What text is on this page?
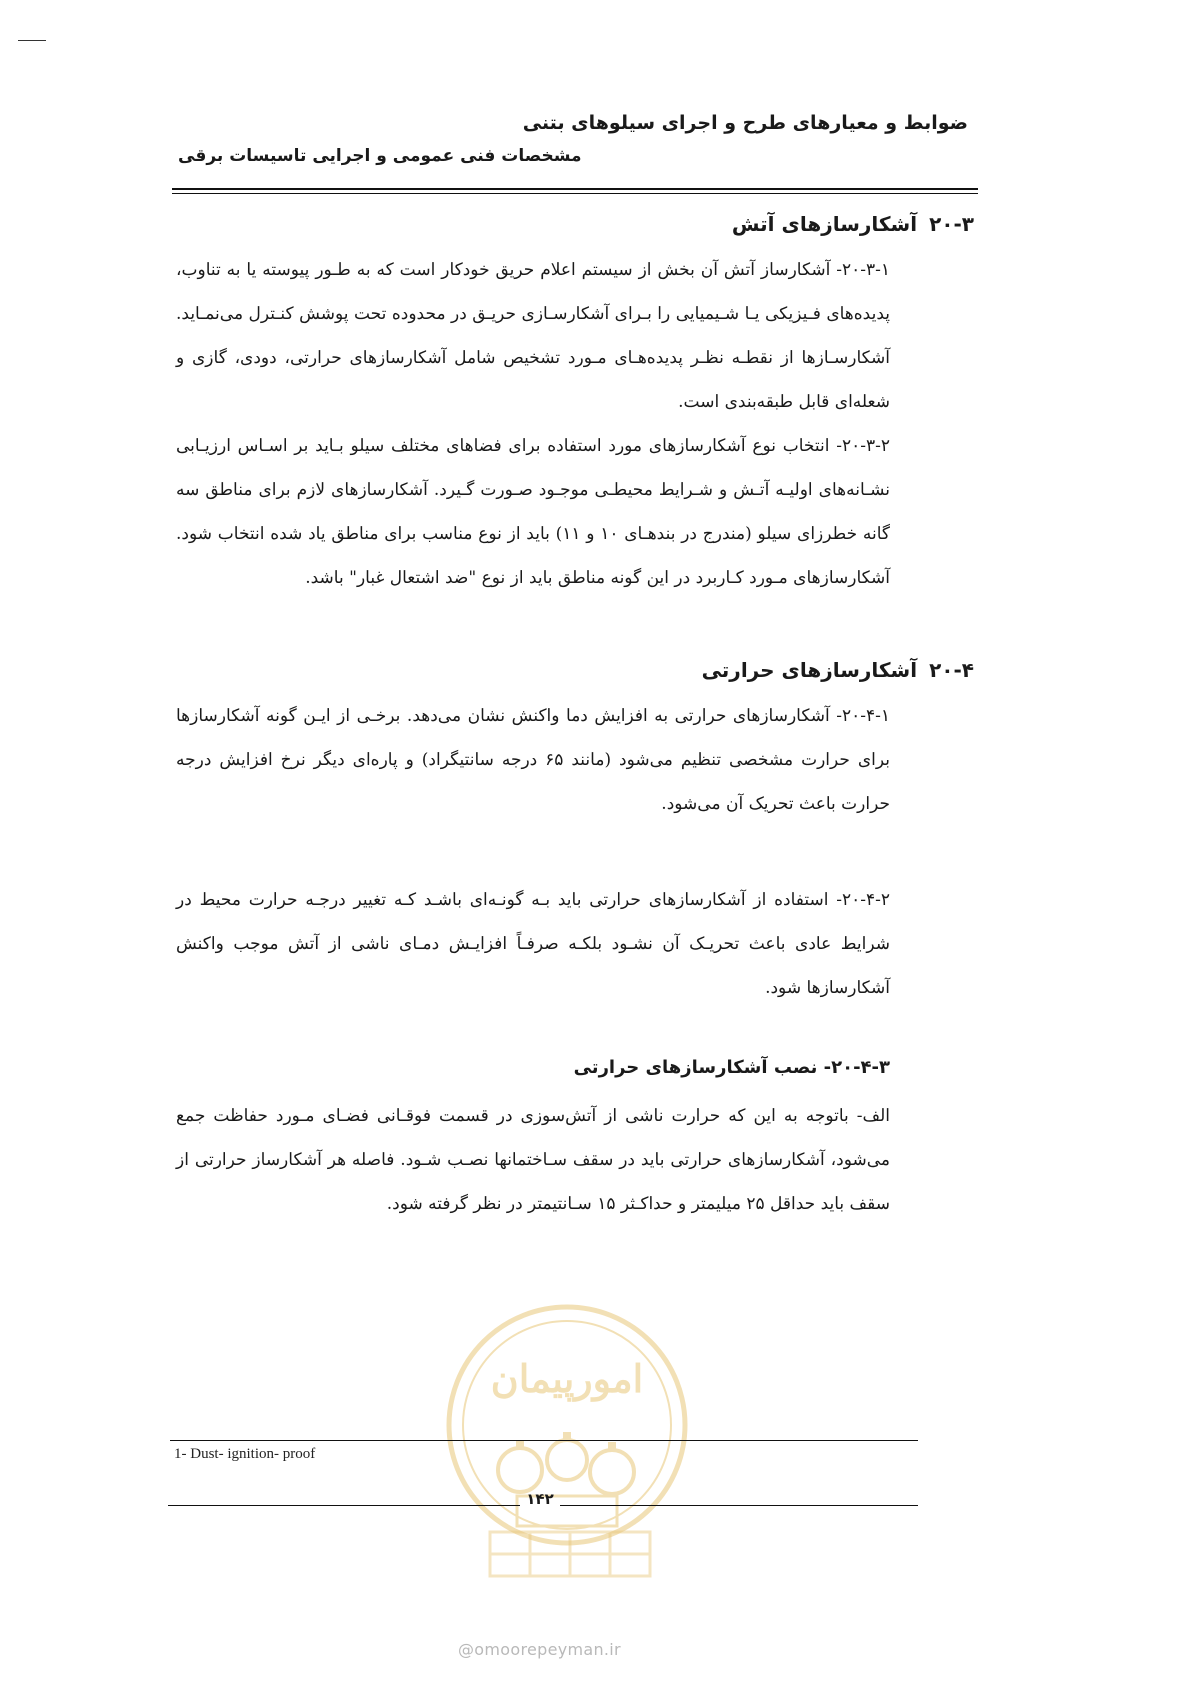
ضوابط و معیارهای طرح و اجرای سیلوهای بتنی
مشخصات فنی عمومی و اجرایی تاسیسات برقی
۲۰-۳آشکارسازهای آتش

۲۰-۳-۱- آشکارساز آتش آن بخش از سیستم اعلام حریق خودکار است که به طـور پیوسته یا به تناوب، پدیده‌های فـیزیکی یـا شـیمیایی را بـرای آشکارسـازی حریـق در محدوده تحت پوشش کنـترل می‌نمـاید. آشکارسـازها از نقطـه نظـر پدیده‌هـای مـورد تشخیص شامل آشکارسازهای حرارتی، دودی، گازی و شعله‌ای قابل طبقه‌بندی است.

۲۰-۳-۲- انتخاب نوع آشکارسازهای مورد استفاده برای فضاهای مختلف سیلو بـاید بر اسـاس ارزیـابی نشـانه‌های اولیـه آتـش و شـرایط محیطـی موجـود صـورت گـیرد. آشکارسازهای لازم برای مناطق سه گانه خطرزای سیلو (مندرج در بندهـای ۱۰ و ۱۱) باید از نوع مناسب برای مناطق یاد شده انتخاب شود. آشکارسازهای مـورد کـاربرد در این گونه مناطق باید از نوع "ضد اشتعال غبار" باشد.

۲۰-۴آشکارسازهای حرارتی

۲۰-۴-۱- آشکارسازهای حرارتی به افزایش دما واکنش نشان می‌دهد. برخـی از ایـن گونه آشکارسازها برای حرارت مشخصی تنظیم می‌شود (مانند ۶۵ درجه سانتیگراد) و پاره‌ای دیگر نرخ افزایش درجه حرارت باعث تحریک آن می‌شود.

۲۰-۴-۲- استفاده از آشکارسازهای حرارتی باید بـه گونـه‌ای باشـد کـه تغییر درجـه حرارت محیط در شرایط عادی باعث تحریـک آن نشـود بلکـه صرفـاً افزایـش دمـای ناشی از آتش موجب واکنش آشکارسازها شود.

۲۰-۴-۳- نصب آشکارسازهای حرارتی

الف- باتوجه به این که حرارت ناشی از آتش‌سوزی در قسمت فوقـانی فضـای مـورد حفاظت جمع می‌شود، آشکارسازهای حرارتی باید در سقف سـاختمانها نصـب شـود. فاصله هر آشکارساز حرارتی از سقف باید حداقل ۲۵ میلیمتر و حداکـثر ۱۵ سـانتیمتر در نظر گرفته شود.

امورپیمان
1- Dust- ignition- proof
۱۴۲
@omoorepeyman.ir
